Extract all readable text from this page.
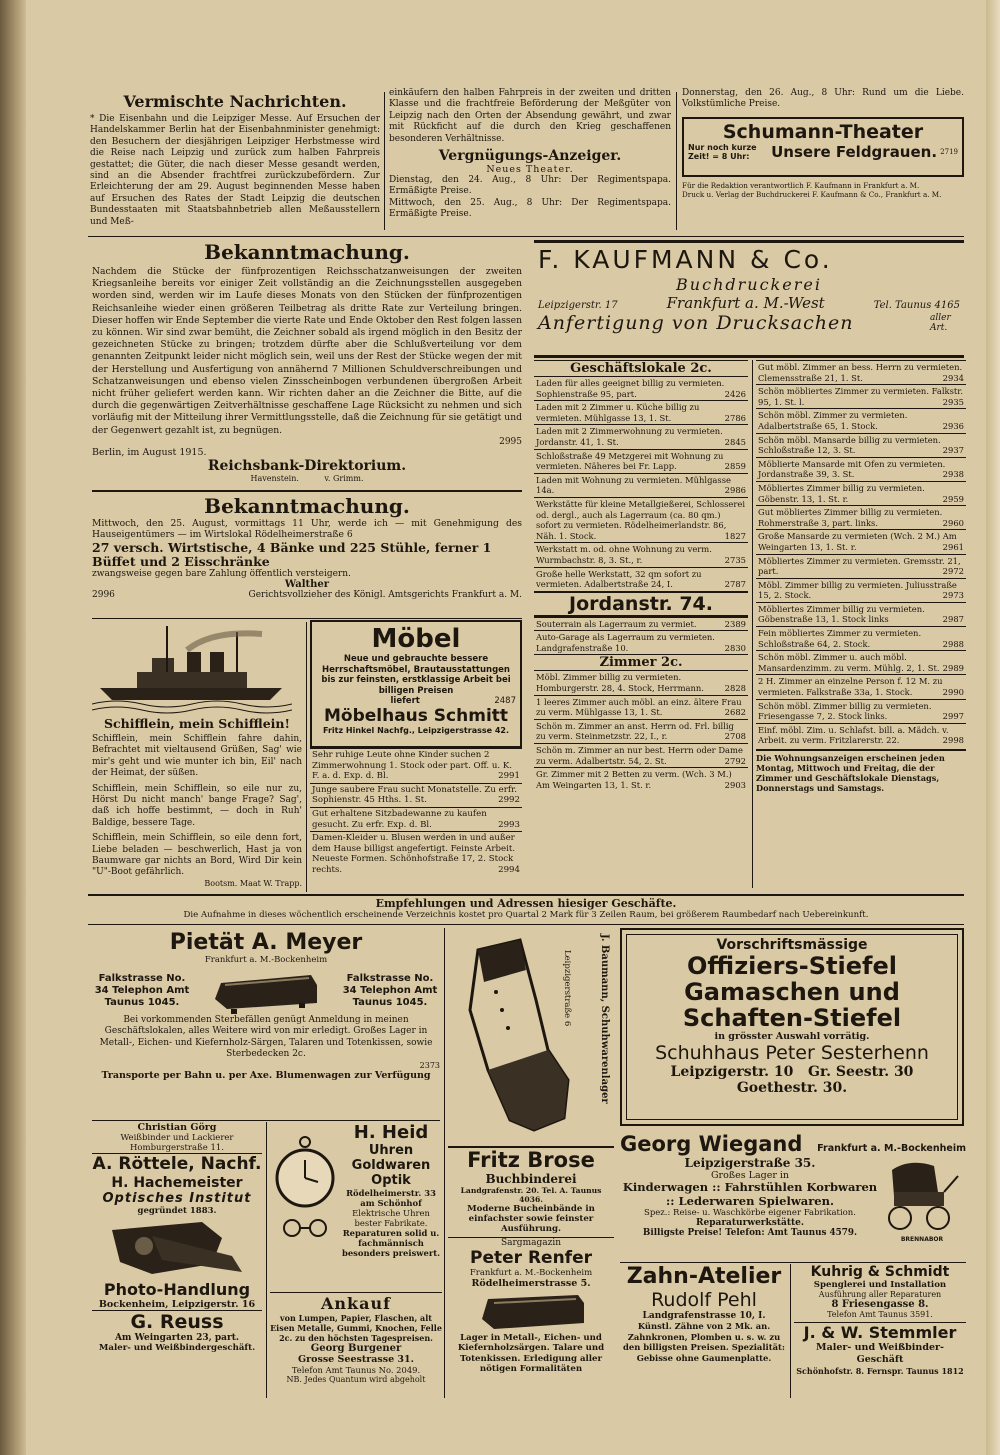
Vermischte Nachrichten.
* Die Eisenbahn und die Leipziger Messe. Auf Ersuchen der Handelskammer Berlin hat der Eisenbahnminister genehmigt: den Besuchern der diesjährigen Leipziger Herbstmesse wird die Reise nach Leipzig und zurück zum halben Fahrpreis gestattet; die Güter, die nach dieser Messe gesandt werden, sind an die Absender frachtfrei zurückzubefördern. Zur Erleichterung der am 29. August beginnenden Messe haben auf Ersuchen des Rates der Stadt Leipzig die deutschen Bundesstaaten mit Staatsbahnbetrieb allen Meßausstellern und Meß-
einkäufern den halben Fahrpreis in der zweiten und dritten Klasse und die frachtfreie Beförderung der Meßgüter von Leipzig nach den Orten der Absendung gewährt, und zwar mit Rückficht auf die durch den Krieg geschaffenen besonderen Verhältnisse.
Vergnügungs-Anzeiger.
Neues Theater.
Dienstag, den 24. Aug., 8 Uhr: Der Regimentspapa. Ermäßigte Preise.
Mittwoch, den 25. Aug., 8 Uhr: Der Regimentspapa. Ermäßigte Preise.
Donnerstag, den 26. Aug., 8 Uhr: Rund um die Liebe. Volkstümliche Preise.
Schumann-Theater
Nur noch kurze Zeit! = 8 Uhr:	Unsere Feldgrauen. 2719
Für die Redaktion verantwortlich F. Kaufmann in Frankfurt a. M.
Druck u. Verlag der Buchdruckerei F. Kaufmann & Co., Frankfurt a. M.
Bekanntmachung.
Nachdem die Stücke der fünfprozentigen Reichsschatzanweisungen der zweiten Kriegsanleihe bereits vor einiger Zeit vollständig an die Zeichnungsstellen ausgegeben worden sind, werden wir im Laufe dieses Monats von den Stücken der fünfprozentigen Reichsanleihe wieder einen größeren Teilbetrag als dritte Rate zur Verteilung bringen. Dieser hoffen wir Ende September die vierte Rate und Ende Oktober den Rest folgen lassen zu können. Wir sind zwar bemüht, die Zeichner sobald als irgend möglich in den Besitz der gezeichneten Stücke zu bringen; trotzdem dürfte aber die Schlußverteilung vor dem genannten Zeitpunkt leider nicht möglich sein, weil uns der Rest der Stücke wegen der mit der Herstellung und Ausfertigung von annähernd 7 Millionen Schuldverschreibungen und Schatzanweisungen und ebenso vielen Zinsscheinbogen verbundenen übergroßen Arbeit nicht früher geliefert werden kann. Wir richten daher an die Zeichner die Bitte, auf die durch die gegenwärtigen Zeitverhältnisse geschaffene Lage Rücksicht zu nehmen und sich vorläufig mit der Mitteilung ihrer Vermittlungsstelle, daß die Zeichnung für sie getätigt und der Gegenwert gezahlt ist, zu begnügen.
2995
Berlin, im August 1915.
Reichsbank-Direktorium.
Havenstein.          v. Grimm.
Bekanntmachung.
Mittwoch, den 25. August, vormittags 11 Uhr, werde ich — mit Genehmigung des Hauseigentümers — im Wirtslokal Rödelheimerstraße 6
27 versch. Wirtstische, 4 Bänke und 225 Stühle, ferner 1 Büffet und 2 Eisschränke
zwangsweise gegen bare Zahlung öffentlich versteigern.
Walther
2996	Gerichtsvollzieher des Königl. Amtsgerichts Frankfurt a. M.
Schifflein, mein Schifflein!
Schifflein, mein Schifflein fahre dahin, Befrachtet mit vieltausend Grüßen, Sag' wie mir's geht und wie munter ich bin, Eil' nach der Heimat, der süßen.
Schifflein, mein Schifflein, so eile nur zu, Hörst Du nicht manch' bange Frage? Sag', daß ich hoffe bestimmt, — doch in Ruh' Baldige, bessere Tage.
Schifflein, mein Schifflein, so eile denn fort, Liebe beladen — beschwerlich, Hast ja von Baumware gar nichts an Bord, Wird Dir kein "U"-Boot gefährlich.
Bootsm. Maat W. Trapp.
Möbel
Neue und gebrauchte bessere Herrschaftsmöbel, Brautausstattungen bis zur feinsten, erstklassige Arbeit bei billigen Preisen
liefert	2487
Möbelhaus Schmitt
Fritz Hinkel Nachfg., Leipzigerstrasse 42.
Sehr ruhige Leute ohne Kinder suchen 2 Zimmerwohnung 1. Stock oder part. Off. u. K. F. a. d. Exp. d. Bl.	2991
Junge saubere Frau sucht Monatstelle. Zu erfr. Sophienstr. 45 Hths. 1. St.	2992
Gut erhaltene Sitzbadewanne zu kaufen gesucht. Zu erfr. Exp. d. Bl.	2993
Damen-Kleider u. Blusen werden in und außer dem Hause billigst angefertigt. Feinste Arbeit. Neueste Formen. Schönhofstraße 17, 2. Stock rechts.	2994
F. KAUFMANN & Co.
Buchdruckerei
Leipzigerstr. 17	Frankfurt a. M.-West	Tel. Taunus 4165
Anfertigung von Drucksachen	aller Art.
Geschäftslokale 2c.
Laden für alles geeignet billig zu vermieten. Sophienstraße 95, part.	2426
Laden mit 2 Zimmer u. Küche billig zu vermieten. Mühlgasse 13, 1. St.	2786
Laden mit 2 Zimmerwohnung zu vermieten. Jordanstr. 41, 1. St.	2845
Schloßstraße 49 Metzgerei mit Wohnung zu vermieten. Näheres bei Fr. Lapp.	2859
Laden mit Wohnung zu vermieten. Mühlgasse 14a.	2986
Werkstätte für kleine Metallgießerei, Schlosserei od. dergl., auch als Lagerraum (ca. 80 qm.) sofort zu vermieten. Rödelheimerlandstr. 86, Näh. 1. Stock.	1827
Werkstatt m. od. ohne Wohnung zu verm. Wurmbachstr. 8, 3. St., r.	2735
Große helle Werkstatt, 32 qm sofort zu vermieten. Adalbertstraße 24, I.	2787
Jordanstr. 74.
Souterrain als Lagerraum zu vermiet.	2389
Auto-Garage als Lagerraum zu vermieten. Landgrafenstraße 10.	2830
Zimmer 2c.
Möbl. Zimmer billig zu vermieten. Homburgerstr. 28, 4. Stock, Herrmann. 2828
1 leeres Zimmer auch möbl. an einz. ältere Frau zu verm. Mühlgasse 13, 1. St.	2682
Schön m. Zimmer an anst. Herrn od. Frl. billig zu verm. Steinmetzstr. 22, I., r.	2708
Schön m. Zimmer an nur best. Herrn oder Dame zu verm. Adalbertstr. 54, 2. St.	2792
Gr. Zimmer mit 2 Betten zu verm. (Wch. 3 M.) Am Weingarten 13, 1. St. r.	2903
Gut möbl. Zimmer an bess. Herrn zu vermieten. Clemensstraße 21, 1. St.	2934
Schön möbliertes Zimmer zu vermieten. Falkstr. 95, 1. St. l.	2935
Schön möbl. Zimmer zu vermieten. Adalbertstraße 65, 1. Stock.	2936
Schön möbl. Mansarde billig zu vermieten. Schloßstraße 12, 3. St.	2937
Möblierte Mansarde mit Ofen zu vermieten. Jordanstraße 39, 3. St.	2938
Möbliertes Zimmer billig zu vermieten. Göbenstr. 13, 1. St. r.	2959
Gut möbliertes Zimmer billig zu vermieten. Rohmerstraße 3, part. links.	2960
Große Mansarde zu vermieten (Wch. 2 M.) Am Weingarten 13, 1. St. r.	2961
Möbliertes Zimmer zu vermieten. Gremsstr. 21, part.	2972
Möbl. Zimmer billig zu vermieten. Juliusstraße 15, 2. Stock.	2973
Möbliertes Zimmer billig zu vermieten. Göbenstraße 13, 1. Stock links	2987
Fein möbliertes Zimmer zu vermieten. Schloßstraße 64, 2. Stock.	2988
Schön möbl. Zimmer u. auch möbl. Mansardenzimm. zu verm. Mühlg. 2, 1. St. 2989
2 H. Zimmer an einzelne Person f. 12 M. zu vermieten. Falkstraße 33a, 1. Stock.	2990
Schön möbl. Zimmer billig zu vermieten. Friesengasse 7, 2. Stock links.	2997
Einf. möbl. Zim. u. Schlafst. bill. a. Mädch. v. Arbeit. zu verm. Fritzlarerstr. 22.	2998
Die Wohnungsanzeigen erscheinen jeden Montag, Mittwoch und Freitag, die der Zimmer und Geschäftslokale Dienstags, Donnerstags und Samstags.
Empfehlungen und Adressen hiesiger Geschäfte.
Die Aufnahme in dieses wöchentlich erscheinende Verzeichnis kostet pro Quartal 2 Mark für 3 Zeilen Raum, bei größerem Raumbedarf nach Uebereinkunft.
Pietät A. Meyer
Frankfurt a. M.-Bockenheim
Falkstrasse No. 34 Telephon Amt Taunus 1045.
Falkstrasse No. 34 Telephon Amt Taunus 1045.
Bei vorkommenden Sterbefällen genügt Anmeldung in meinen Geschäftslokalen, alles Weitere wird von mir erledigt. Großes Lager in Metall-, Eichen- und Kiefernholz-Särgen, Talaren und Totenkissen, sowie Sterbedecken 2c.
2373
Transporte per Bahn u. per Axe. Blumenwagen zur Verfügung	J. Baumann, Schuhwarenlager
Leipzigerstraße 6
Vorschriftsmässige
Offiziers-Stiefel
Gamaschen und
Schaften-Stiefel
in grösster Auswahl vorrätig.
Schuhhaus Peter Sesterhenn
Leipzigerstr. 10   Gr. Seestr. 30
Goethestr. 30.
Christian Görg
Weißbinder und Lackierer Homburgerstraße 11.
A. Röttele, Nachf.
H. Hachemeister
Optisches Institut
gegründet 1883.
Photo-Handlung
Bockenheim, Leipzigerstr. 16
G. Reuss
Am Weingarten 23, part.
Maler- und Weißbindergeschäft.
H. Heid
Uhren Goldwaren Optik
Rödelheimerstr. 33 am Schönhof
Elektrische Uhren bester Fabrikate.
Reparaturen solid u. fachmännisch besonders preiswert.
Ankauf
von Lumpen, Papier, Flaschen, alt Eisen Metalle, Gummi, Knochen, Felle 2c. zu den höchsten Tagespreisen.
Georg Burgener
Grosse Seestrasse 31.
Telefon Amt Taunus No. 2049.
NB. Jedes Quantum wird abgeholt
Fritz Brose
Buchbinderei
Landgrafenstr. 20. Tel. A. Taunus 4036.
Moderne Bucheinbände in einfachster sowie feinster Ausführung.
Sargmagazin
Peter Renfer
Frankfurt a. M.-Bockenheim
Rödelheimerstrasse 5.
Lager in Metall-, Eichen- und Kiefernholzsärgen. Talare und Totenkissen. Erledigung aller nötigen Formalitäten
Georg Wiegand Frankfurt a. M.-Bockenheim
Leipzigerstraße 35.
Großes Lager in
Kinderwagen :: Fahrstühlen Korbwaren :: Lederwaren Spielwaren.
Spez.: Reise- u. Waschkörbe eigener Fabrikation.
Reparaturwerkstätte.
Billigste Preise! Telefon: Amt Taunus 4579.
BRENNABOR
Zahn-Atelier
Rudolf Pehl
Landgrafenstrasse 10, I.
Künstl. Zähne von 2 Mk. an. Zahnkronen, Plomben u. s. w. zu den billigsten Preisen. Spezialität: Gebisse ohne Gaumenplatte.
Kuhrig & Schmidt
Spenglerei und Installation
Ausführung aller Reparaturen
8 Friesengasse 8.
Telefon Amt Taunus 3591.
J. & W. Stemmler
Maler- und Weißbinder-Geschäft
Schönhofstr. 8. Fernspr. Taunus 1812
